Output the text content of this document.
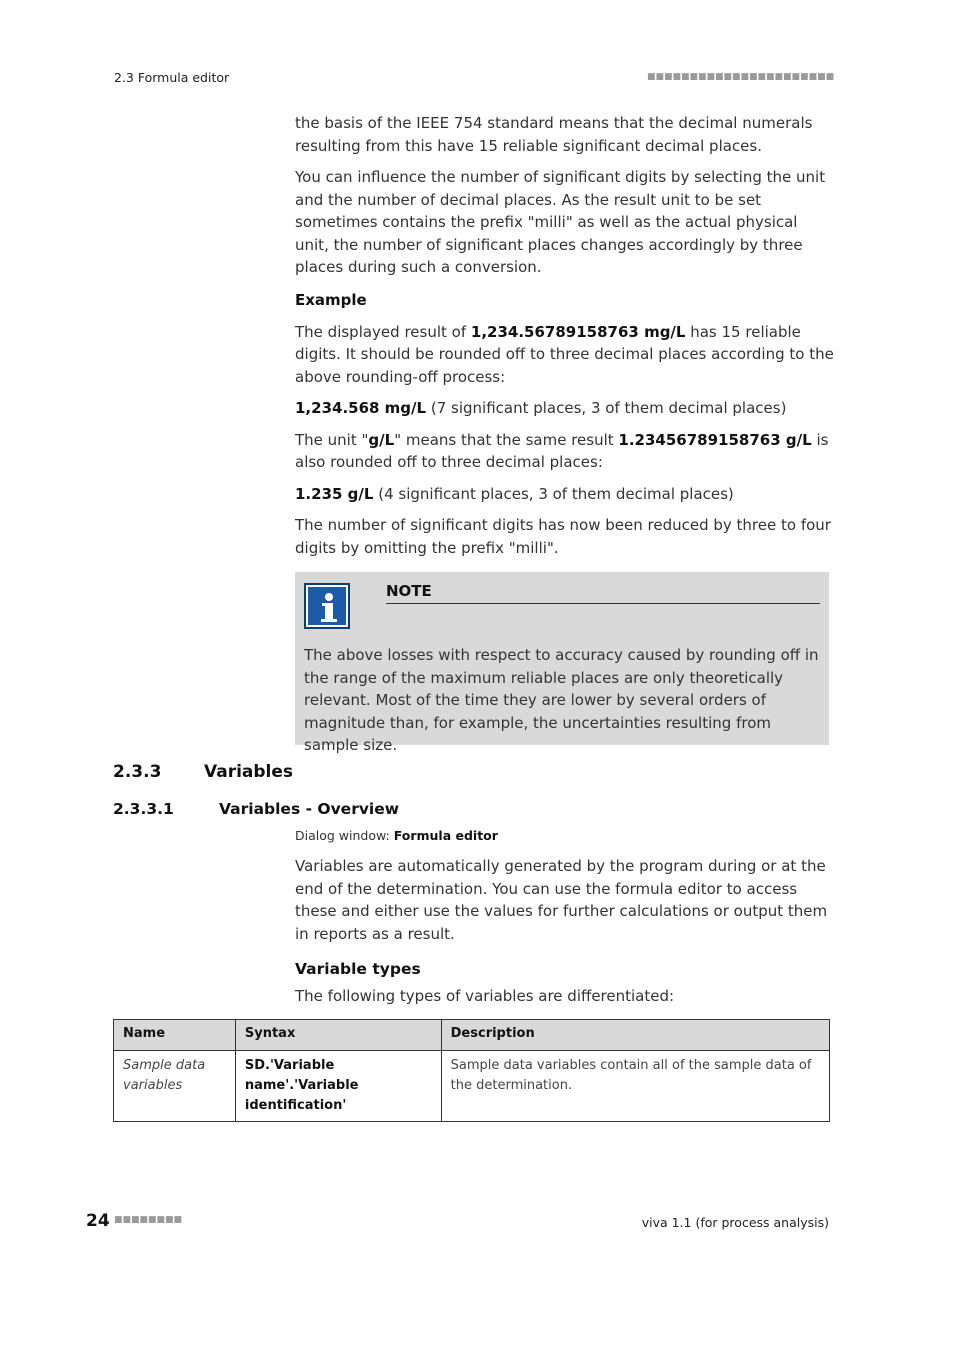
2.3 Formula editor	■■■■■■■■■■■■■■■■■■■■■■

the basis of the IEEE 754 standard means that the decimal numerals resulting from this have 15 reliable significant decimal places.

You can influence the number of significant digits by selecting the unit and the number of decimal places. As the result unit to be set sometimes contains the prefix "milli" as well as the actual physical unit, the number of significant places changes accordingly by three places during such a conversion.

Example

The displayed result of 1,234.56789158763 mg/L has 15 reliable digits. It should be rounded off to three decimal places according to the above rounding-off process:

1,234.568 mg/L (7 significant places, 3 of them decimal places)

The unit "g/L" means that the same result 1.23456789158763 g/L is also rounded off to three decimal places:

1.235 g/L (4 significant places, 3 of them decimal places)

The number of significant digits has now been reduced by three to four digits by omitting the prefix "milli".

NOTE
The above losses with respect to accuracy caused by rounding off in the range of the maximum reliable places are only theoretically relevant. Most of the time they are lower by several orders of magnitude than, for example, the uncertainties resulting from sample size.
2.3.3	Variables
2.3.3.1	Variables - Overview

Dialog window: Formula editor

Variables are automatically generated by the program during or at the end of the determination. You can use the formula editor to access these and either use the values for further calculations or output them in reports as a result.

Variable types

The following types of variables are differentiated:

Name	Syntax	Description
Sample data variables	SD.'Variable name'.'Variable identification'	Sample data variables contain all of the sample data of the determination.
24 ■■■■■■■■	viva 1.1 (for process analysis)
